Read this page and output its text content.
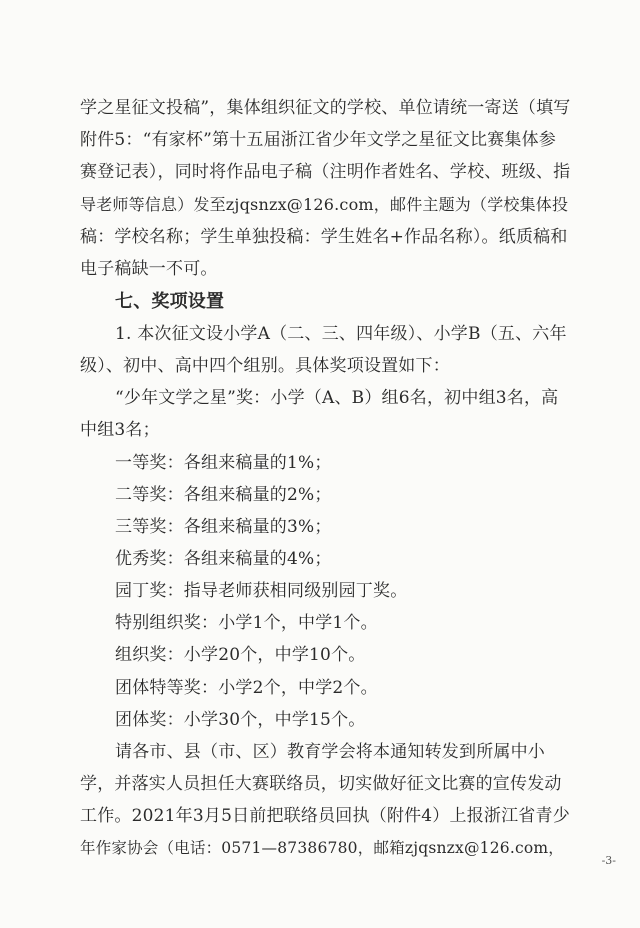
学之星征文投稿”，集体组织征文的学校、单位请统一寄送（填写
附件5：“有家杯”第十五届浙江省少年文学之星征文比赛集体参
赛登记表），同时将作品电子稿（注明作者姓名、学校、班级、指
导老师等信息）发至zjqsnzx@126.com，邮件主题为（学校集体投
稿：学校名称；学生单独投稿：学生姓名+作品名称）。纸质稿和
电子稿缺一不可。
七、奖项设置
1. 本次征文设小学A（二、三、四年级）、小学B（五、六年
级）、初中、高中四个组别。具体奖项设置如下：
“少年文学之星”奖：小学（A、B）组6名，初中组3名，高
中组3名；
一等奖：各组来稿量的1%；
二等奖：各组来稿量的2%；
三等奖：各组来稿量的3%；
优秀奖：各组来稿量的4%；
园丁奖：指导老师获相同级别园丁奖。
特别组织奖：小学1个，中学1个。
组织奖：小学20个，中学10个。
团体特等奖：小学2个，中学2个。
团体奖：小学30个，中学15个。
请各市、县（市、区）教育学会将本通知转发到所属中小
学，并落实人员担任大赛联络员，切实做好征文比赛的宣传发动
工作。2021年3月5日前把联络员回执（附件4）上报浙江省青少
年作家协会（电话：0571—87386780，邮箱zjqsnzx@126.com，
-3-
